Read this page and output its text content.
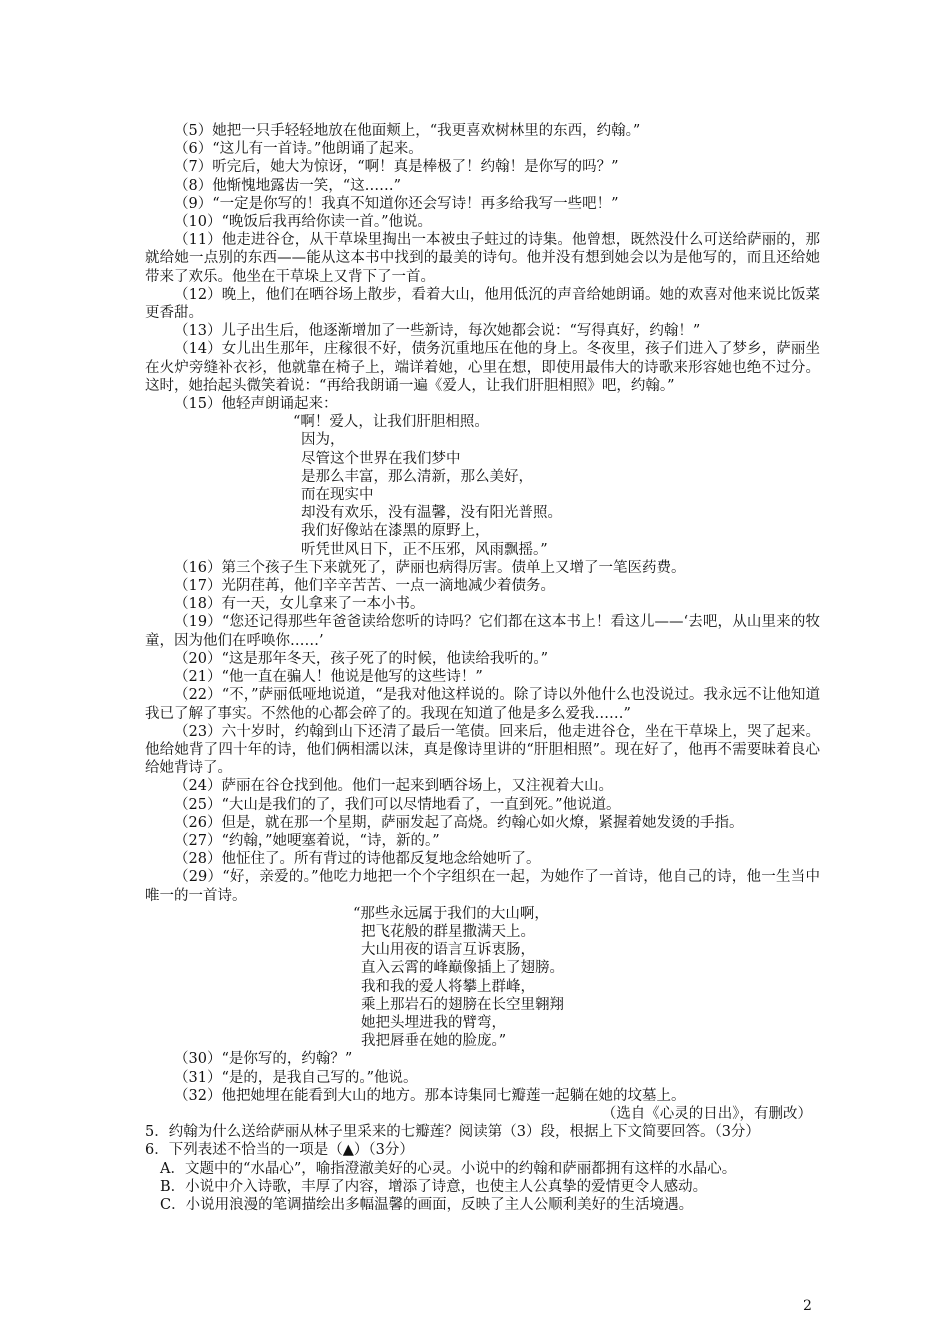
（5）她把一只手轻轻地放在他面颊上，“我更喜欢树林里的东西，约翰。”

（6）“这儿有一首诗。”他朗诵了起来。

（7）听完后，她大为惊讶，“啊！真是棒极了！约翰！是你写的吗？”

（8）他惭愧地露齿一笑，“这……”

（9）“一定是你写的！我真不知道你还会写诗！再多给我写一些吧！”

（10）“晚饭后我再给你读一首。”他说。

（11）他走进谷仓，从干草垛里掏出一本被虫子蛀过的诗集。他曾想，既然没什么可送给萨丽的，那就给她一点别的东西——能从这本书中找到的最美的诗句。他并没有想到她会以为是他写的，而且还给她带来了欢乐。他坐在干草垛上又背下了一首。

（12）晚上，他们在晒谷场上散步，看着大山，他用低沉的声音给她朗诵。她的欢喜对他来说比饭菜更香甜。

（13）儿子出生后，他逐渐增加了一些新诗，每次她都会说：“写得真好，约翰！”

（14）女儿出生那年，庄稼很不好，债务沉重地压在他的身上。冬夜里，孩子们进入了梦乡，萨丽坐在火炉旁缝补衣衫，他就靠在椅子上，端详着她，心里在想，即使用最伟大的诗歌来形容她也绝不过分。这时，她抬起头微笑着说：“再给我朗诵一遍《爱人，让我们肝胆相照》吧，约翰。”

（15）他轻声朗诵起来：

“啊！爱人，让我们肝胆相照。
因为，
尽管这个世界在我们梦中
是那么丰富，那么清新，那么美好，
而在现实中
却没有欢乐，没有温馨，没有阳光普照。
我们好像站在漆黑的原野上，
听凭世风日下，正不压邪，风雨飘摇。”

（16）第三个孩子生下来就死了，萨丽也病得厉害。债单上又增了一笔医药费。

（17）光阴荏苒，他们辛辛苦苦、一点一滴地减少着债务。

（18）有一天，女儿拿来了一本小书。

（19）“您还记得那些年爸爸读给您听的诗吗？它们都在这本书上！看这儿——‘去吧，从山里来的牧童，因为他们在呼唤你……’

（20）“这是那年冬天，孩子死了的时候，他读给我听的。”

（21）“他一直在骗人！他说是他写的这些诗！”

（22）“不，”萨丽低哑地说道，“是我对他这样说的。除了诗以外他什么也没说过。我永远不让他知道我已了解了事实。不然他的心都会碎了的。我现在知道了他是多么爱我……”

（23）六十岁时，约翰到山下还清了最后一笔债。回来后，他走进谷仓，坐在干草垛上，哭了起来。他给她背了四十年的诗，他们俩相濡以沫，真是像诗里讲的“肝胆相照”。现在好了，他再不需要昧着良心给她背诗了。

（24）萨丽在谷仓找到他。他们一起来到晒谷场上，又注视着大山。

（25）“大山是我们的了，我们可以尽情地看了，一直到死。”他说道。

（26）但是，就在那一个星期，萨丽发起了高烧。约翰心如火燎，紧握着她发烫的手指。

（27）“约翰，”她哽塞着说，“诗，新的。”

（28）他怔住了。所有背过的诗他都反复地念给她听了。

（29）“好，亲爱的。”他吃力地把一个个字组织在一起，为她作了一首诗，他自己的诗，他一生当中唯一的一首诗。

“那些永远属于我们的大山啊，
把飞花般的群星撒满天上。
大山用夜的语言互诉衷肠，
直入云霄的峰巅像插上了翅膀。
我和我的爱人将攀上群峰，
乘上那岩石的翅膀在长空里翱翔
她把头埋进我的臂弯，
我把唇垂在她的脸庞。”

（30）“是你写的，约翰？”

（31）“是的，是我自己写的。”他说。

（32）他把她埋在能看到大山的地方。那本诗集同七瓣莲一起躺在她的坟墓上。

（选自《心灵的日出》，有删改）

5．约翰为什么送给萨丽从林子里采来的七瓣莲？阅读第（3）段，根据上下文简要回答。（3分）

6．下列表述不恰当的一项是（▲）（3分）

A．文题中的“水晶心”，喻指澄澈美好的心灵。小说中的约翰和萨丽都拥有这样的水晶心。

B．小说中介入诗歌，丰厚了内容，增添了诗意，也使主人公真挚的爱情更令人感动。

C．小说用浪漫的笔调描绘出多幅温馨的画面，反映了主人公顺利美好的生活境遇。

2
